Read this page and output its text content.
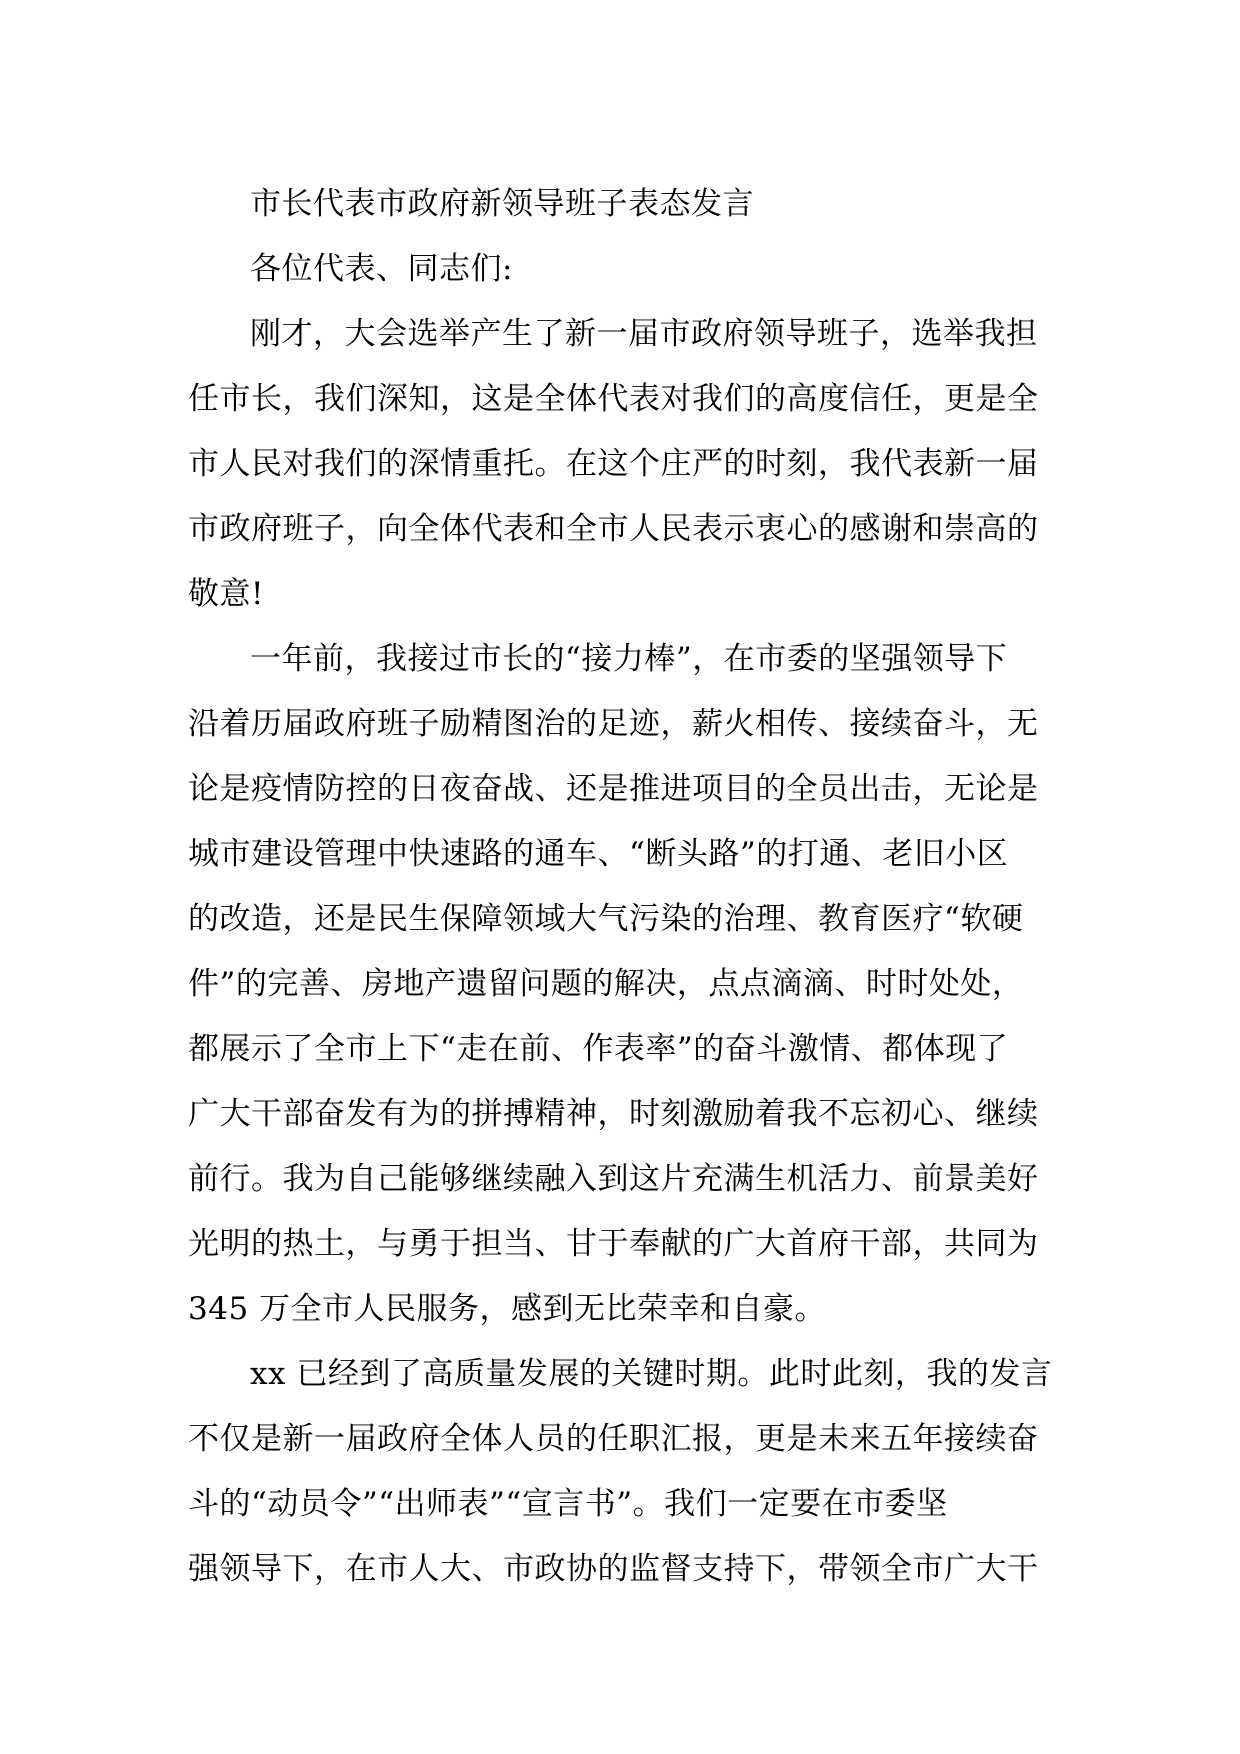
市长代表市政府新领导班子表态发言
各位代表、同志们:
刚才，大会选举产生了新一届市政府领导班子，选举我担
任市长，我们深知，这是全体代表对我们的高度信任，更是全
市人民对我们的深情重托。在这个庄严的时刻，我代表新一届
市政府班子，向全体代表和全市人民表示衷心的感谢和崇高的
敬意!
一年前，我接过市长的“接力棒”，在市委的坚强领导下
沿着历届政府班子励精图治的足迹，薪火相传、接续奋斗，无
论是疫情防控的日夜奋战、还是推进项目的全员出击，无论是
城市建设管理中快速路的通车、“断头路”的打通、老旧小区
的改造，还是民生保障领域大气污染的治理、教育医疗“软硬
件”的完善、房地产遗留问题的解决，点点滴滴、时时处处，
都展示了全市上下“走在前、作表率”的奋斗激情、都体现了
广大干部奋发有为的拼搏精神，时刻激励着我不忘初心、继续
前行。我为自己能够继续融入到这片充满生机活力、前景美好
光明的热土，与勇于担当、甘于奉献的广大首府干部，共同为
345 万全市人民服务，感到无比荣幸和自豪。
xx 已经到了高质量发展的关键时期。此时此刻，我的发言
不仅是新一届政府全体人员的任职汇报，更是未来五年接续奋
斗的“动员令”“出师表”“宣言书”。我们一定要在市委坚
强领导下，在市人大、市政协的监督支持下，带领全市广大干
